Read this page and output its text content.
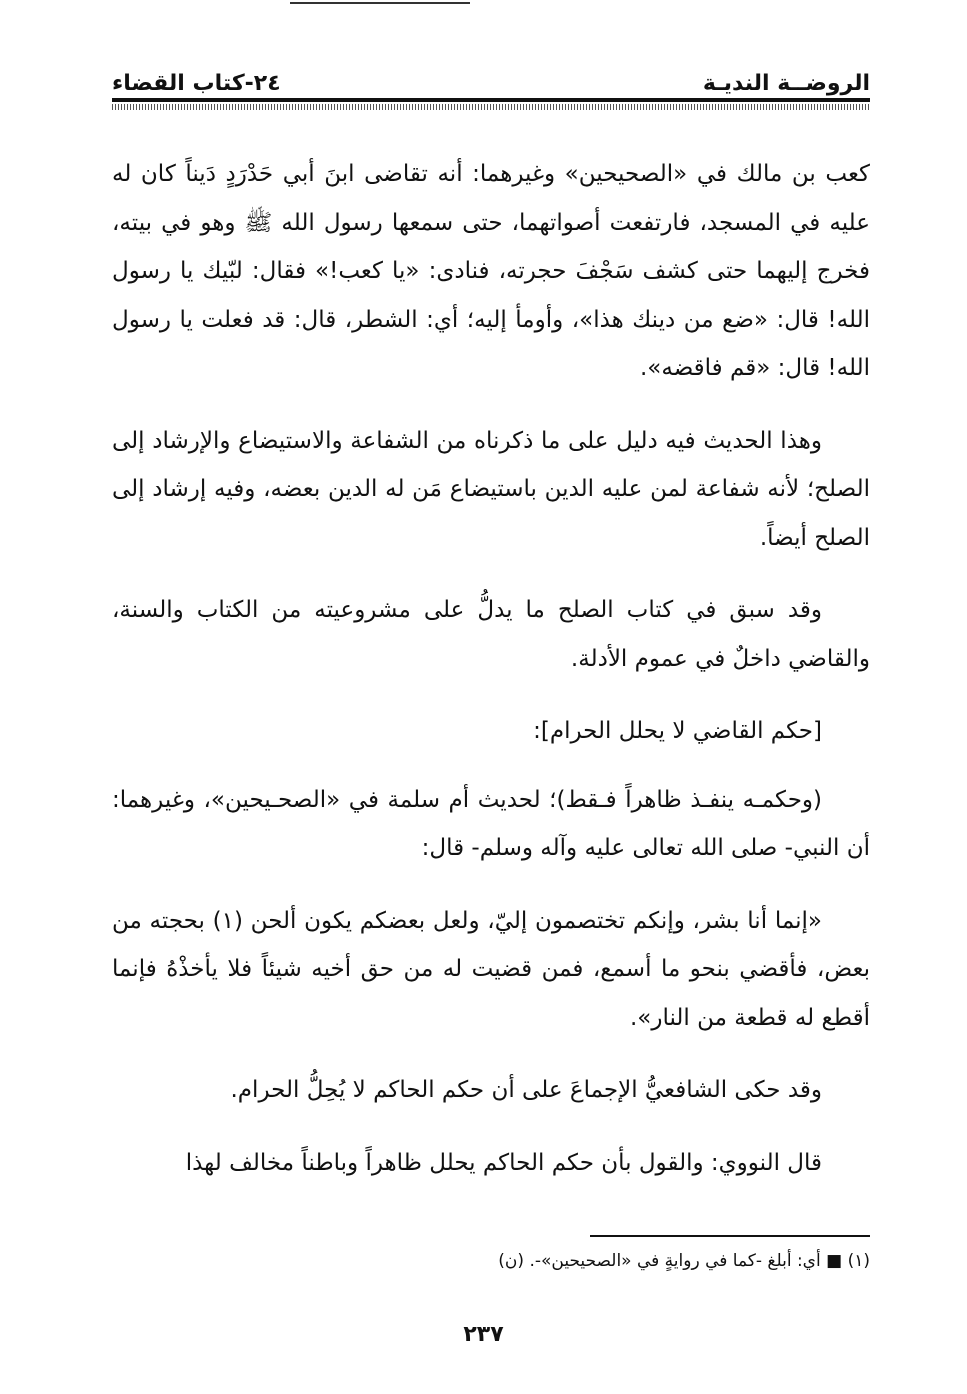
الروضــة النديـة
٢٤-كتاب القضاء

كعب بن مالك في «الصحيحين» وغيرهما: أنه تقاضى ابنَ أبي حَدْرَدٍ دَيناً كان له عليه في المسجد، فارتفعت أصواتهما، حتى سمعها رسول الله ﷺ وهو في بيته، فخرج إليهما حتى كشف سَجْفَ حجرته، فنادى: «يا كعب!» فقال: لبّيك يا رسول الله! قال: «ضع من دينك هذا»، وأومأ إليه؛ أي: الشطر، قال: قد فعلت يا رسول الله! قال: «قم فاقضه».

وهذا الحديث فيه دليل على ما ذكرناه من الشفاعة والاستيضاع والإرشاد إلى الصلح؛ لأنه شفاعة لمن عليه الدين باستيضاع مَن له الدين بعضه، وفيه إرشاد إلى الصلح أيضاً.

وقد سبق في كتاب الصلح ما يدلُّ على مشروعيته من الكتاب والسنة، والقاضي داخلٌ في عموم الأدلة.

[حكم القاضي لا يحلل الحرام]:

(وحكمـه ينفـذ ظاهراً فـقط)؛ لحديث أم سلمة في «الصحـيحين»، وغيرهما: أن النبي- صلى الله تعالى عليه وآله وسلم- قال:

«إنما أنا بشر، وإنكم تختصمون إليّ، ولعل بعضكم يكون ألحن (١) بحجته من بعض، فأقضي بنحو ما أسمع، فمن قضيت له من حق أخيه شيئاً فلا يأخذْهُ فإنما أقطع له قطعة من النار».

وقد حكى الشافعيُّ الإجماعَ على أن حكم الحاكم لا يُحِلُّ الحرام.

قال النووي: والقول بأن حكم الحاكم يحلل ظاهراً وباطناً مخالف لهذا

(١) ■ أي: أبلغ -كما في روايةٍ في «الصحيحين»-. (ن)
٢٣٧
